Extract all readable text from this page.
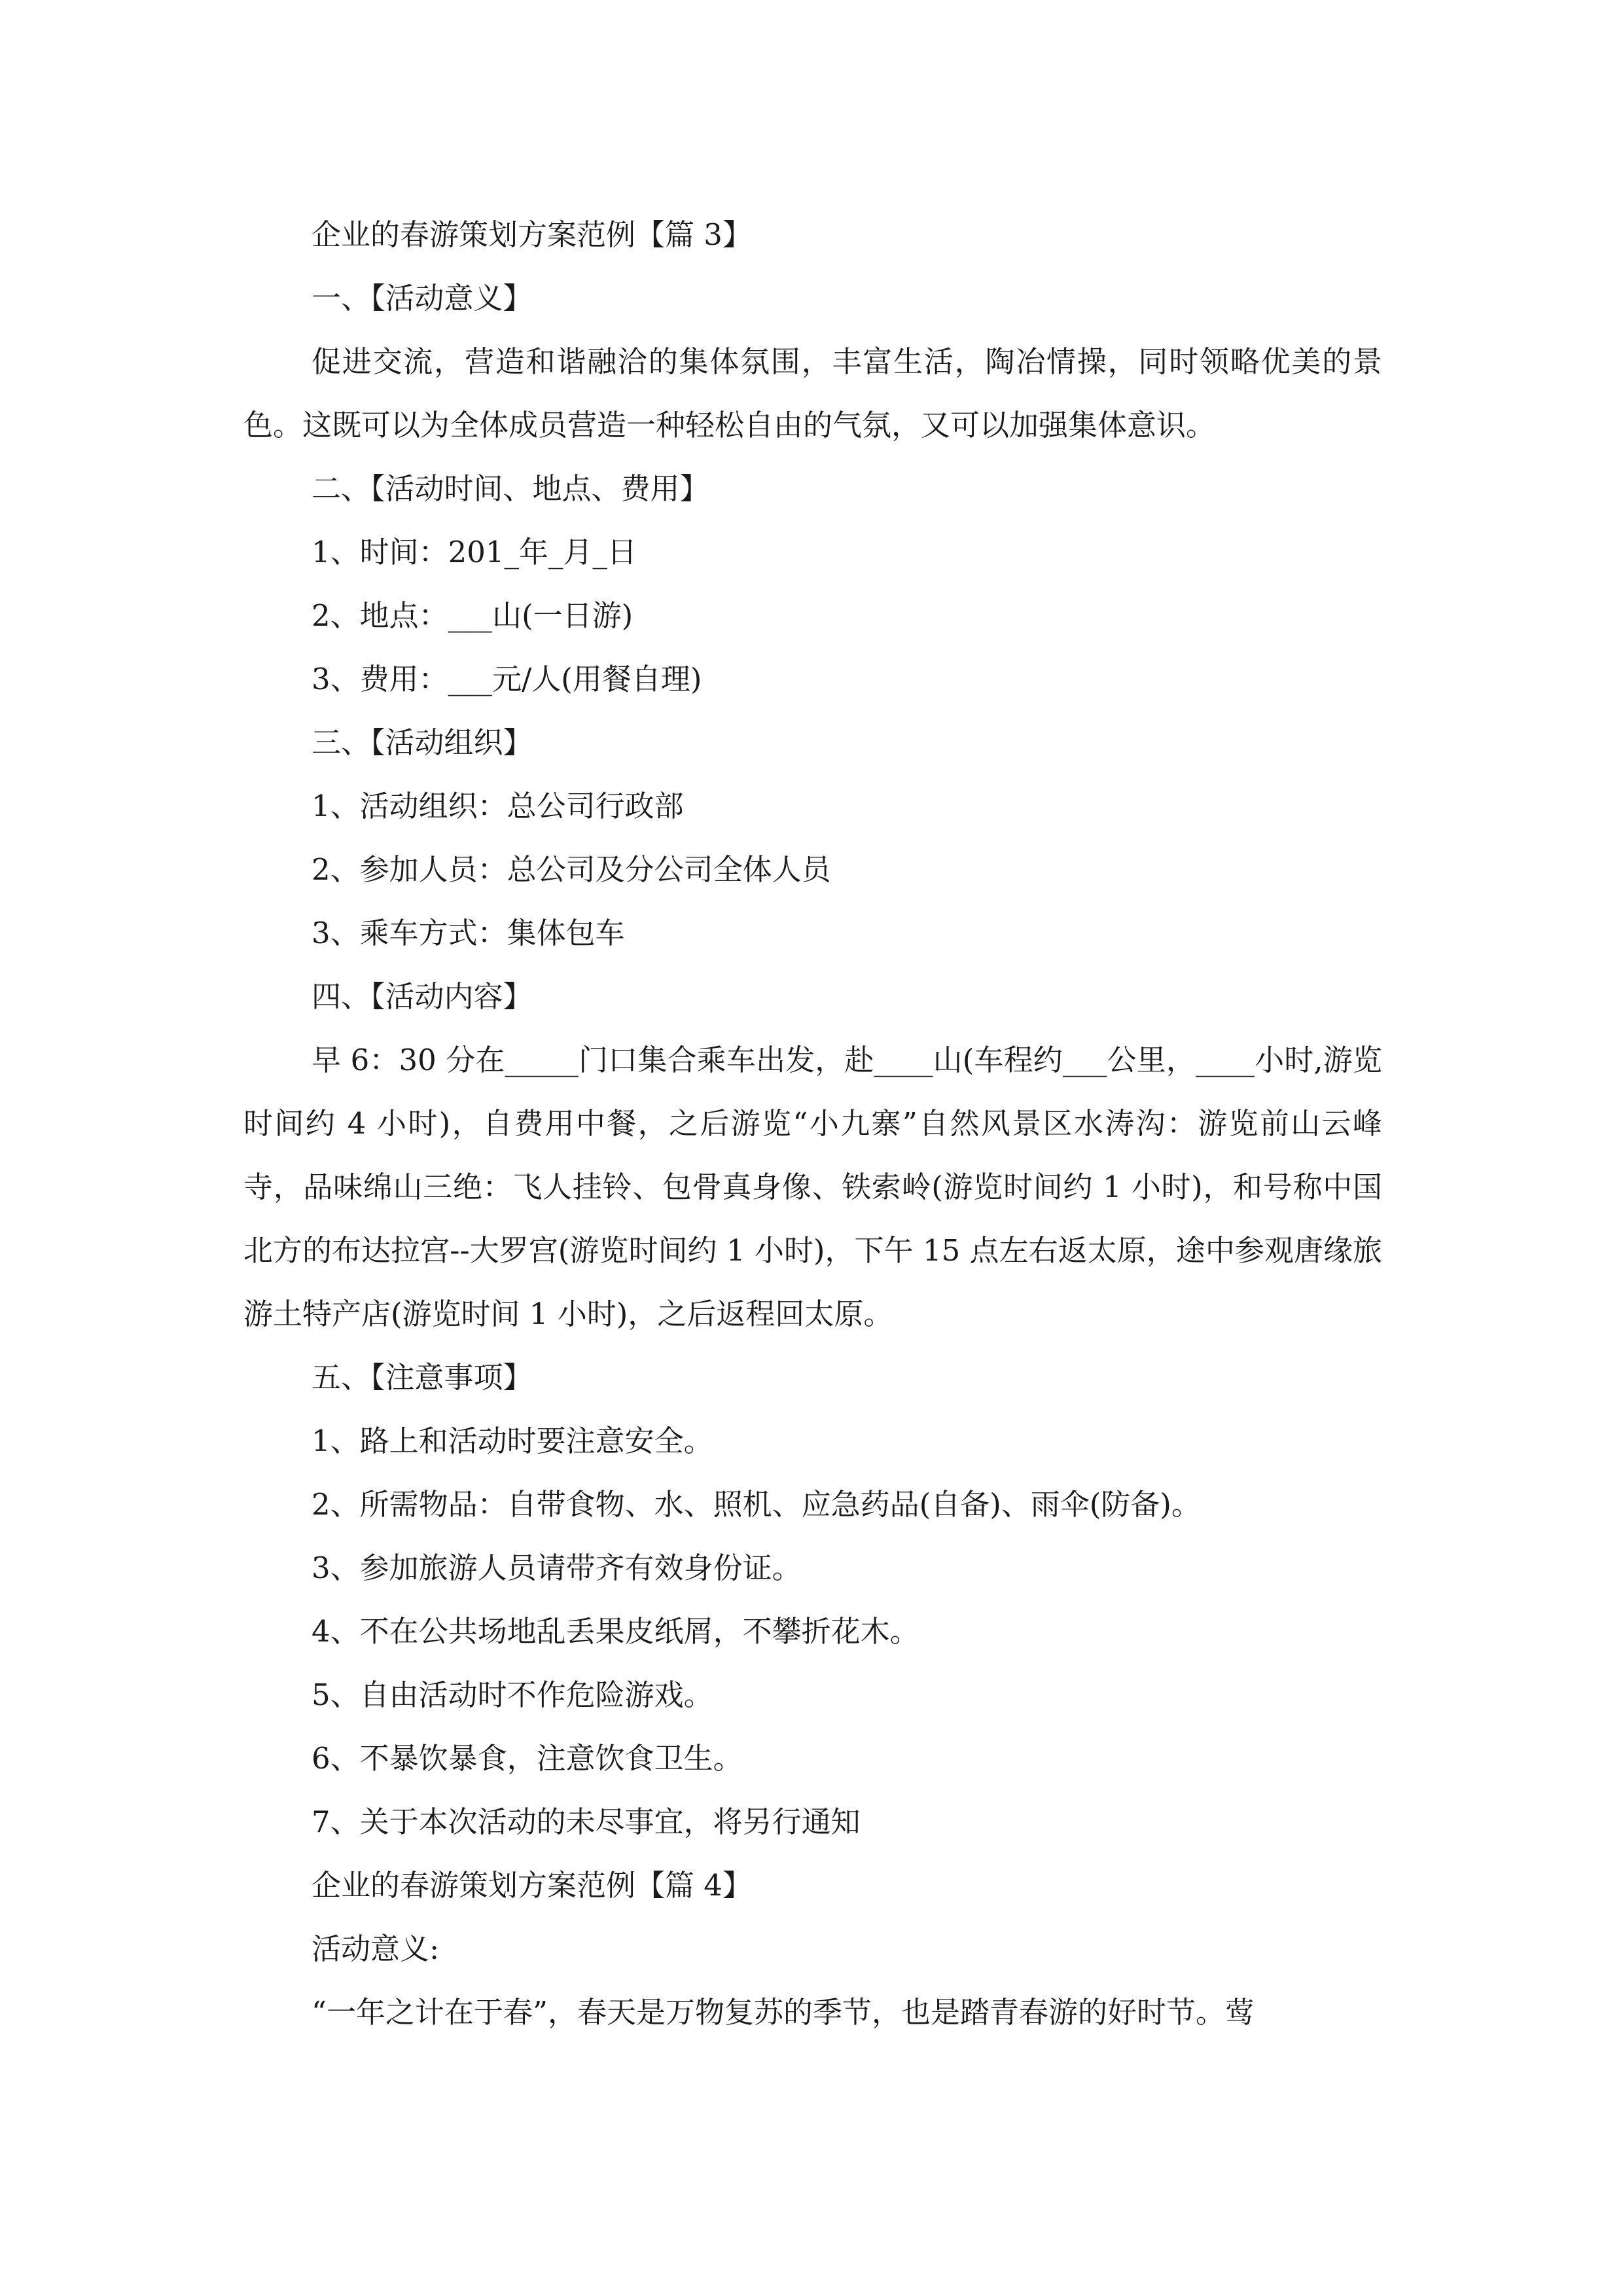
企业的春游策划方案范例【篇 3】

一、【活动意义】

促进交流，营造和谐融洽的集体氛围，丰富生活，陶冶情操，同时领略优美的景色。这既可以为全体成员营造一种轻松自由的气氛，又可以加强集体意识。

二、【活动时间、地点、费用】

1、时间：201_年_月_日

2、地点：___山(一日游)

3、费用：___元/人(用餐自理)

三、【活动组织】

1、活动组织：总公司行政部

2、参加人员：总公司及分公司全体人员

3、乘车方式：集体包车

四、【活动内容】

早 6：30 分在_____门口集合乘车出发，赴____山(车程约___公里，____小时,游览时间约 4 小时)，自费用中餐，之后游览“小九寨”自然风景区水涛沟：游览前山云峰寺，品味绵山三绝：飞人挂铃、包骨真身像、铁索岭(游览时间约 1 小时)，和号称中国北方的布达拉宫--大罗宫(游览时间约 1 小时)，下午 15 点左右返太原，途中参观唐缘旅游土特产店(游览时间 1 小时)，之后返程回太原。

五、【注意事项】

1、路上和活动时要注意安全。

2、所需物品：自带食物、水、照机、应急药品(自备)、雨伞(防备)。

3、参加旅游人员请带齐有效身份证。

4、不在公共场地乱丢果皮纸屑，不攀折花木。

5、自由活动时不作危险游戏。

6、不暴饮暴食，注意饮食卫生。

7、关于本次活动的未尽事宜，将另行通知

企业的春游策划方案范例【篇 4】

活动意义:

“一年之计在于春”，春天是万物复苏的季节，也是踏青春游的好时节。莺
